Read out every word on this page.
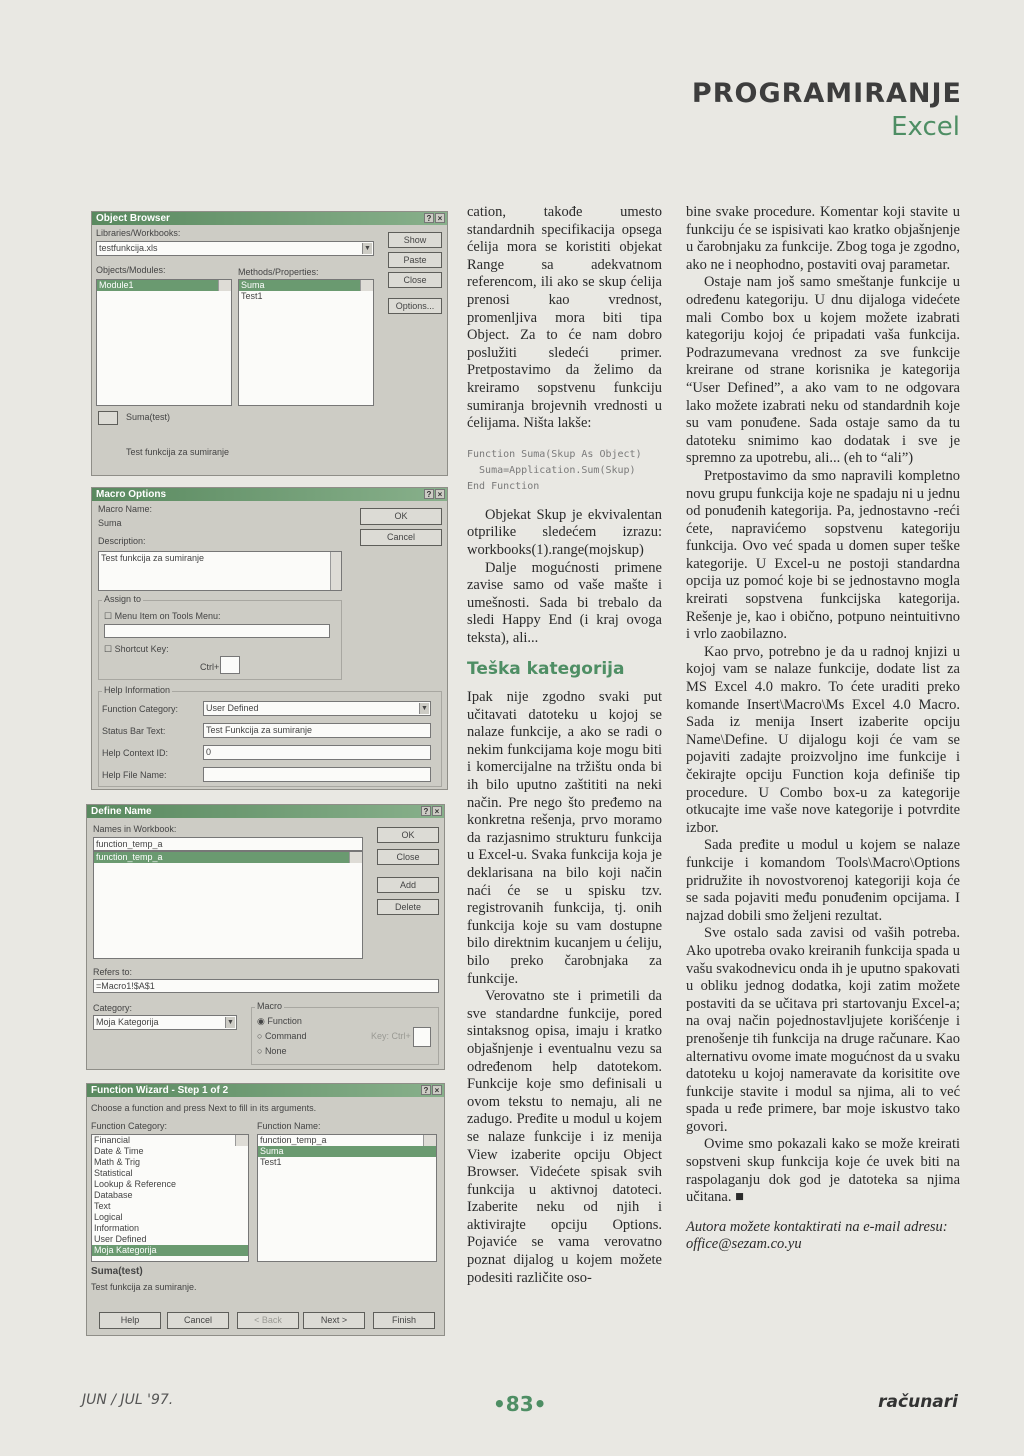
PROGRAMIRANJE
Excel
Object Browser	? ×
Libraries/Workbooks:
testfunkcija.xls	▼
Objects/Modules:
Module1
Methods/Properties:
Suma
Test1
Show
Paste
Close
Options...
Suma(test)
Test funkcija za sumiranje
Macro Options	? ×
Macro Name:
Suma
OK
Cancel
Description:
Test funkcija za sumiranje
Assign to
☐ Menu Item on Tools Menu:
☐ Shortcut Key:
Ctrl+
Help Information
Function Category:	User Defined	▼
Status Bar Text:	Test Funkcija za sumiranje
Help Context ID:	0
Help File Name:
Define Name	? ×
Names in Workbook:
function_temp_a
function_temp_a
OK
Close
Add
Delete
Refers to:
=Macro1!$A$1
Category:
Moja Kategorija	▼
Macro
◉ Function
○ Command
○ None
Key: Ctrl+
Function Wizard - Step 1 of 2	? ×
Choose a function and press Next to fill in its arguments.
Function Category:
Financial
Date & Time
Math & Trig
Statistical
Lookup & Reference
Database
Text
Logical
Information
User Defined
Moja Kategorija
Function Name:
function_temp_a
Suma
Test1
Suma(test)
Test funkcija za sumiranje.
Help	Cancel	< Back	Next >	Finish

cation, takođe umesto standardnih specifikacija opsega ćelija mora se koristiti objekat Range sa adekvatnom referencom, ili ako se skup ćelija prenosi kao vrednost, promenljiva mora biti tipa Object. Za to će nam dobro poslužiti sledeći primer. Pretpostavimo da želimo da kreiramo sopstvenu funkciju sumiranja brojevnih vrednosti u ćelijama. Ništa lakše:

Function Suma(Skup As Object)
Suma=Application.Sum(Skup)
End Function

Objekat Skup je ekvivalentan otprilike sledećem izrazu: workbooks(1).range(mojskup)

Dalje mogućnosti primene zavise samo od vaše mašte i umešnosti. Sada bi trebalo da sledi Happy End (i kraj ovoga teksta), ali...

Teška kategorija

Ipak nije zgodno svaki put učitavati datoteku u kojoj se nalaze funkcije, a ako se radi o nekim funkcijama koje mogu biti i komercijalne na tržištu onda bi ih bilo uputno zaštititi na neki način. Pre nego što pređemo na konkretna rešenja, prvo moramo da razjasnimo strukturu funkcija u Excel-u. Svaka funkcija koja je deklarisana na bilo koji način naći će se u spisku tzv. registrovanih funkcija, tj. onih funkcija koje su vam dostupne bilo direktnim kucanjem u ćeliju, bilo preko čarobnjaka za funkcije.

Verovatno ste i primetili da sve standardne funkcije, pored sintaksnog opisa, imaju i kratko objašnjenje i eventualnu vezu sa određenom help datotekom. Funkcije koje smo definisali u ovom tekstu to nemaju, ali ne zadugo. Pređite u modul u kojem se nalaze funkcije i iz menija View izaberite opciju Object Browser. Videćete spisak svih funkcija u aktivnoj datoteci. Izaberite neku od njih i aktivirajte opciju Options. Pojaviće se vama verovatno poznat dijalog u kojem možete podesiti različite oso-

bine svake procedure. Komentar koji stavite u funkciju će se ispisivati kao kratko objašnjenje u čarobnjaku za funkcije. Zbog toga je zgodno, ako ne i neophodno, postaviti ovaj parametar.

Ostaje nam još samo smeštanje funkcije u određenu kategoriju. U dnu dijaloga videćete mali Combo box u kojem možete izabrati kategoriju kojoj će pripadati vaša funkcija. Podrazumevana vrednost za sve funkcije kreirane od strane korisnika je kategorija “User Defined”, a ako vam to ne odgovara lako možete izabrati neku od standardnih koje su vam ponuđene. Sada ostaje samo da tu datoteku snimimo kao dodatak i sve je spremno za upotrebu, ali... (eh to “ali”)

Pretpostavimo da smo napravili kompletno novu grupu funkcija koje ne spadaju ni u jednu od ponuđenih kategorija. Pa, jednostavno -reći ćete, napravićemo sopstvenu kategoriju funkcija. Ovo već spada u domen super teške kategorije. U Excel-u ne postoji standardna opcija uz pomoć koje bi se jednostavno mogla kreirati sopstvena funkcijska kategorija. Rešenje je, kao i obično, potpuno neintuitivno i vrlo zaobilazno.

Kao prvo, potrebno je da u radnoj knjizi u kojoj vam se nalaze funkcije, dodate list za MS Excel 4.0 makro. To ćete uraditi preko komande Insert\Macro\Ms Excel 4.0 Macro. Sada iz menija Insert izaberite opciju Name\Define. U dijalogu koji će vam se pojaviti zadajte proizvoljno ime funkcije i čekirajte opciju Function koja definiše tip procedure. U Combo box-u za kategorije otkucajte ime vaše nove kategorije i potvrdite izbor.

Sada pređite u modul u kojem se nalaze funkcije i komandom Tools\Macro\Options pridružite ih novostvorenoj kategoriji koja će se sada pojaviti među ponuđenim opcijama. I najzad dobili smo željeni rezultat.

Sve ostalo sada zavisi od vaših potreba. Ako upotreba ovako kreiranih funkcija spada u vašu svakodnevicu onda ih je uputno spakovati u obliku jednog dodatka, koji zatim možete postaviti da se učitava pri startovanju Excel-a; na ovaj način pojednostavljujete korišćenje i prenošenje tih funkcija na druge računare. Kao alternativu ovome imate mogućnost da u svaku datoteku u kojoj nameravate da korisitite ove funkcije stavite i modul sa njima, ali to već spada u ređe primere, bar moje iskustvo tako govori.

Ovime smo pokazali kako se može kreirati sopstveni skup funkcija koje će uvek biti na raspolaganju dok god je datoteka sa njima učitana. ■

Autora možete kontaktirati na e-mail adresu: office@sezam.co.yu

JUN / JUL '97.	•83•	računari
